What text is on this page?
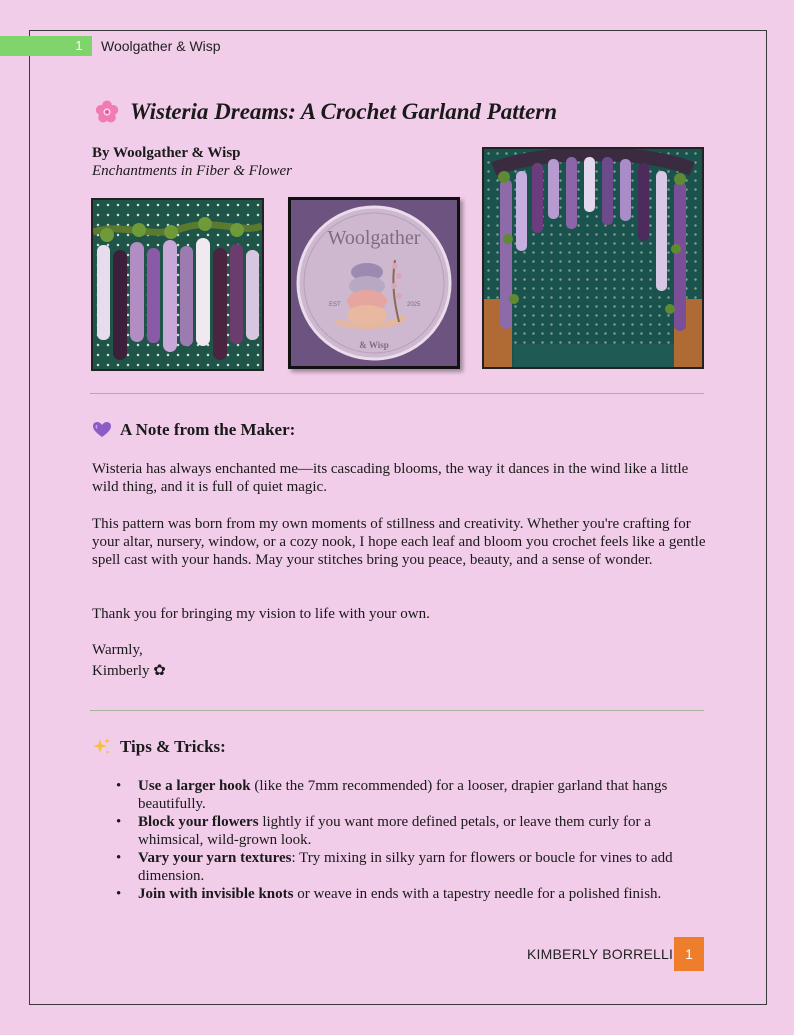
1	Woolgather & Wisp
Wisteria Dreams: A Crochet Garland Pattern
By Woolgather & Wisp
Enchantments in Fiber & Flower
Woolgather
EST	2025
& Wisp
A Note from the Maker:

Wisteria has always enchanted me—its cascading blooms, the way it dances in the wind like a little wild thing, and it is full of quiet magic.

This pattern was born from my own moments of stillness and creativity. Whether you're crafting for your altar, nursery, window, or a cozy nook, I hope each leaf and bloom you crochet feels like a gentle spell cast with your hands. May your stitches bring you peace, beauty, and a sense of wonder.

Thank you for bringing my vision to life with your own.

Warmly,

Kimberly ✿

Tips & Tricks:
• Use a larger hook (like the 7mm recommended) for a looser, drapier garland that hangs beautifully.
• Block your flowers lightly if you want more defined petals, or leave them curly for a whimsical, wild-grown look.
• Vary your yarn textures: Try mixing in silky yarn for flowers or boucle for vines to add dimension.
• Join with invisible knots or weave in ends with a tapestry needle for a polished finish.
KIMBERLY BORRELLI 1
